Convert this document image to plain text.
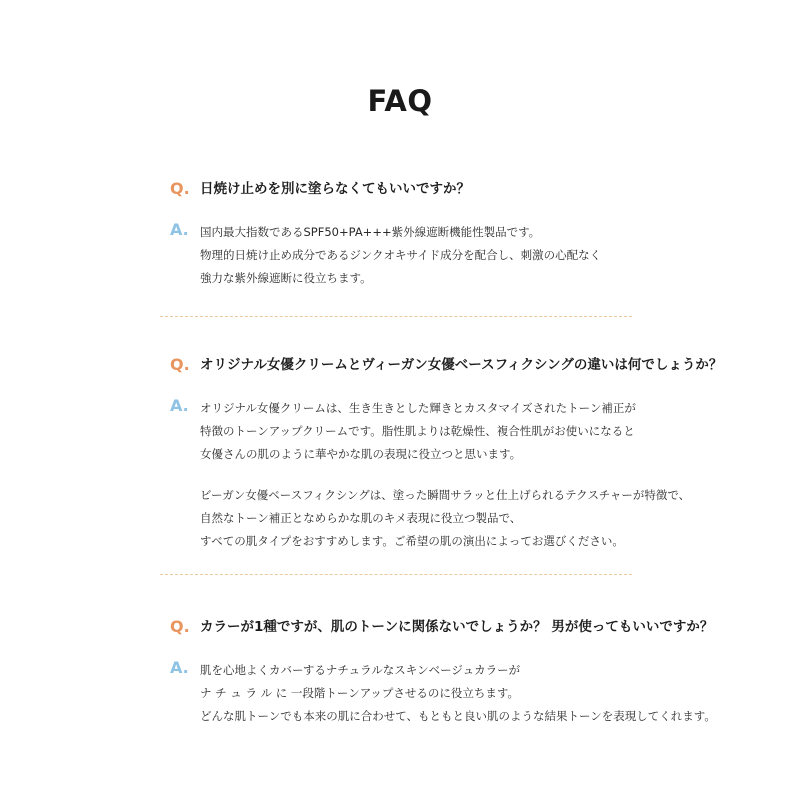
FAQ
Q. 日焼け止めを別に塗らなくてもいいですか？
A. 国内最大指数であるSPF50+PA+++紫外線遮断機能性製品です。
物理的日焼け止め成分であるジンクオキサイド成分を配合し、刺激の心配なく
強力な紫外線遮断に役立ちます。
Q. オリジナル女優クリームとヴィーガン女優ベースフィクシングの違いは何でしょうか？
A. オリジナル女優クリームは、生き生きとした輝きとカスタマイズされたトーン補正が
特徴のトーンアップクリームです。脂性肌よりは乾燥性、複合性肌がお使いになると
女優さんの肌のように華やかな肌の表現に役立つと思います。
ビーガン女優ベースフィクシングは、塗った瞬間サラッと仕上げられるテクスチャーが特徴で、
自然なトーン補正となめらかな肌のキメ表現に役立つ製品で、
すべての肌タイプをおすすめします。ご希望の肌の演出によってお選びください。
Q. カラーが1種ですが、肌のトーンに関係ないでしょうか？ 男が使ってもいいですか？
A. 肌を心地よくカバーするナチュラルなスキンベージュカラーが
ナ チ ュ ラ ル に 一段階トーンアップさせるのに役立ちます。
どんな肌トーンでも本来の肌に合わせて、もともと良い肌のような結果トーンを表現してくれます。
